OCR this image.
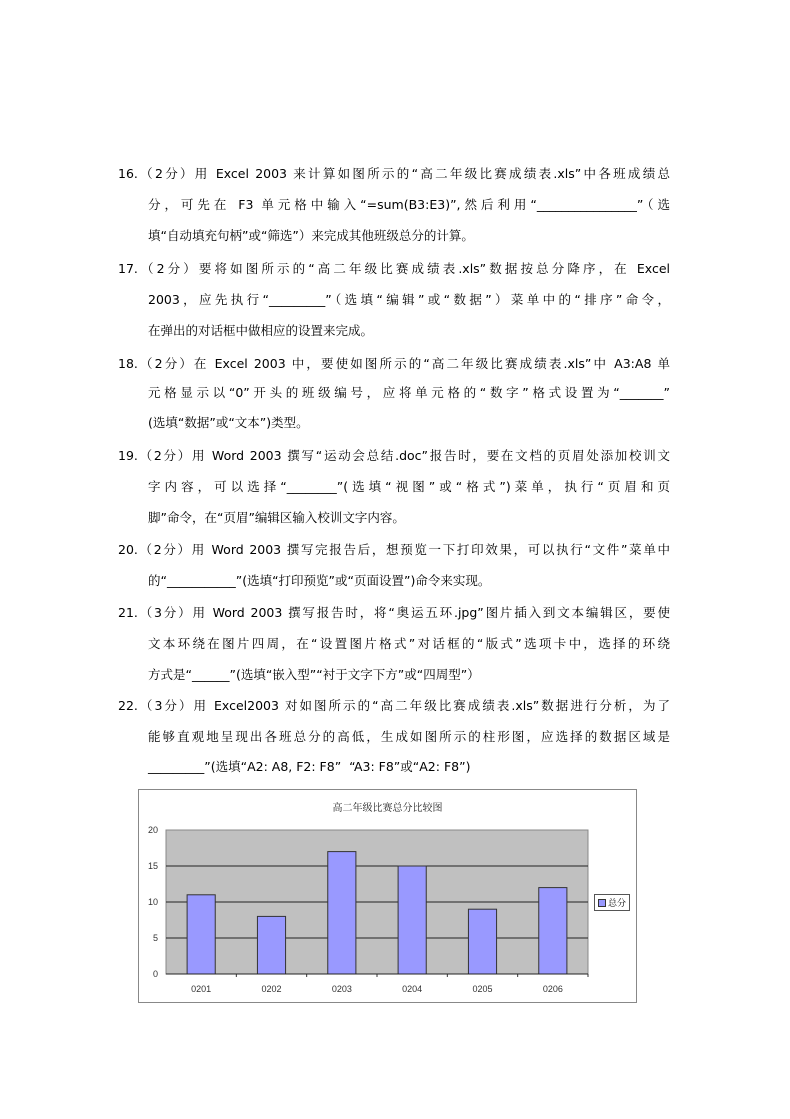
16.（2分）用 Excel 2003 来计算如图所示的“高二年级比赛成绩表.xls”中各班成绩总
分，可先在 F3 单元格中输入“=sum(B3:E3)”,然后利用“________________”（选
填“自动填充句柄”或“筛选”）来完成其他班级总分的计算。
17.（2分）要将如图所示的“高二年级比赛成绩表.xls”数据按总分降序，在 Excel
2003，应先执行“_________”（选填“编辑”或“数据”）菜单中的“排序”命令，
在弹出的对话框中做相应的设置来完成。
18.（2分）在 Excel 2003 中，要使如图所示的“高二年级比赛成绩表.xls”中 A3:A8 单
元格显示以“0”开头的班级编号，应将单元格的“数字”格式设置为“_______”
(选填“数据”或“文本”)类型。
19.（2分）用 Word 2003 撰写“运动会总结.doc”报告时，要在文档的页眉处添加校训文
字内容，可以选择“________”(选填“视图”或“格式”)菜单，执行“页眉和页
脚”命令，在“页眉”编辑区输入校训文字内容。
20.（2分）用 Word 2003 撰写完报告后，想预览一下打印效果，可以执行“文件”菜单中
的“___________”(选填“打印预览”或“页面设置”)命令来实现。
21.（3分）用 Word 2003 撰写报告时，将“奥运五环.jpg”图片插入到文本编辑区，要使
文本环绕在图片四周，在“设置图片格式”对话框的“版式”选项卡中，选择的环绕
方式是“______”(选填“嵌入型”“衬于文字下方”或“四周型”）
22.（3分）用 Excel2003 对如图所示的“高二年级比赛成绩表.xls”数据进行分析，为了
能够直观地呈现出各班总分的高低，生成如图所示的柱形图，应选择的数据区域是
_________”(选填“A2: A8, F2: F8”  “A3: F8”或“A2: F8”)
高二年级比赛总分比较图
0
5
10
15
20
0201	0202	0203	0204	0205	0206
总分
